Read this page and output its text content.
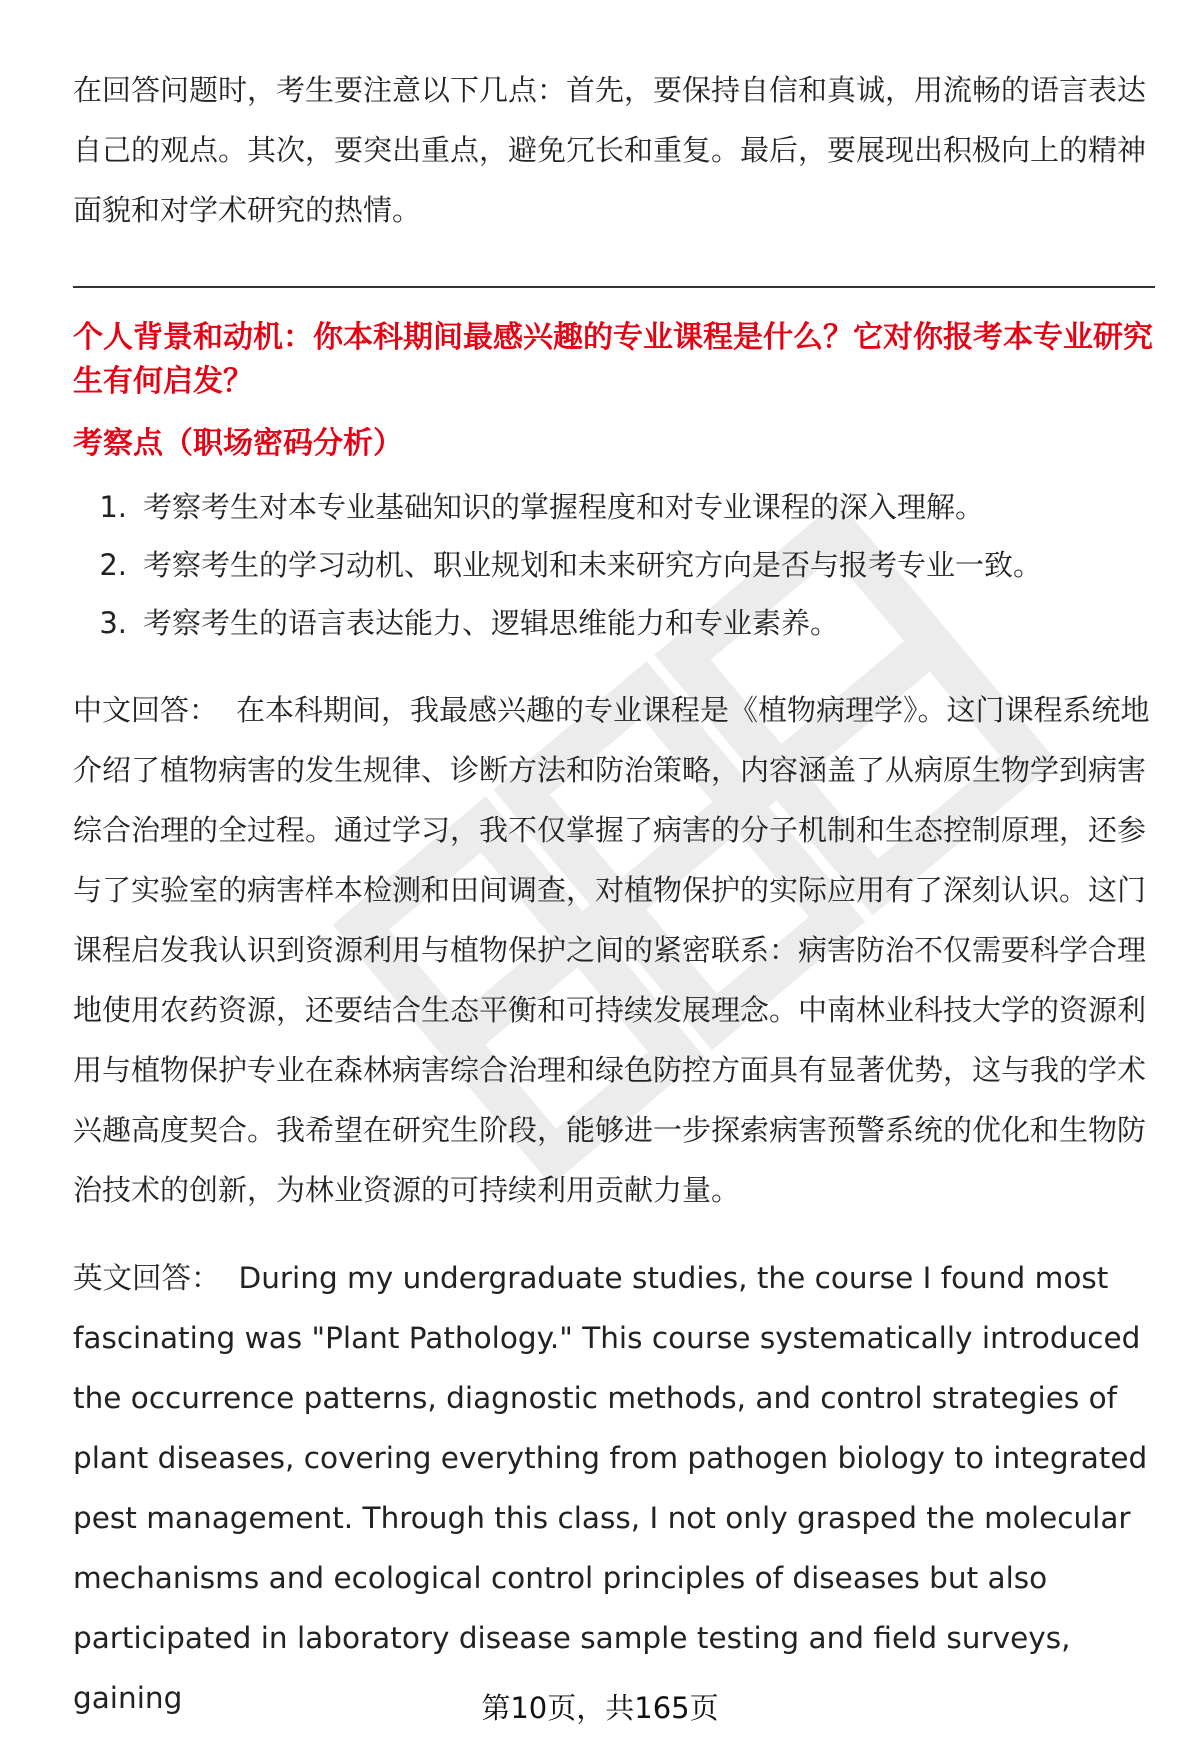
在回答问题时，考生要注意以下几点：首先，要保持自信和真诚，用流畅的语言表达自己的观点。其次，要突出重点，避免冗长和重复。最后，要展现出积极向上的精神面貌和对学术研究的热情。

个人背景和动机：你本科期间最感兴趣的专业课程是什么？它对你报考本专业研究生有何启发？

考察点（职场密码分析）

1. 考察考生对本专业基础知识的掌握程度和对专业课程的深入理解。
2. 考察考生的学习动机、职业规划和未来研究方向是否与报考专业一致。
3. 考察考生的语言表达能力、逻辑思维能力和专业素养。

中文回答： 在本科期间，我最感兴趣的专业课程是《植物病理学》。这门课程系统地介绍了植物病害的发生规律、诊断方法和防治策略，内容涵盖了从病原生物学到病害综合治理的全过程。通过学习，我不仅掌握了病害的分子机制和生态控制原理，还参与了实验室的病害样本检测和田间调查，对植物保护的实际应用有了深刻认识。这门课程启发我认识到资源利用与植物保护之间的紧密联系：病害防治不仅需要科学合理地使用农药资源，还要结合生态平衡和可持续发展理念。中南林业科技大学的资源利用与植物保护专业在森林病害综合治理和绿色防控方面具有显著优势，这与我的学术兴趣高度契合。我希望在研究生阶段，能够进一步探索病害预警系统的优化和生物防治技术的创新，为林业资源的可持续利用贡献力量。

英文回答： During my undergraduate studies, the course I found most fascinating was "Plant Pathology." This course systematically introduced the occurrence patterns, diagnostic methods, and control strategies of plant diseases, covering everything from pathogen biology to integrated pest management. Through this class, I not only grasped the molecular mechanisms and ecological control principles of diseases but also participated in laboratory disease sample testing and field surveys, gaining	第10页，共165页
